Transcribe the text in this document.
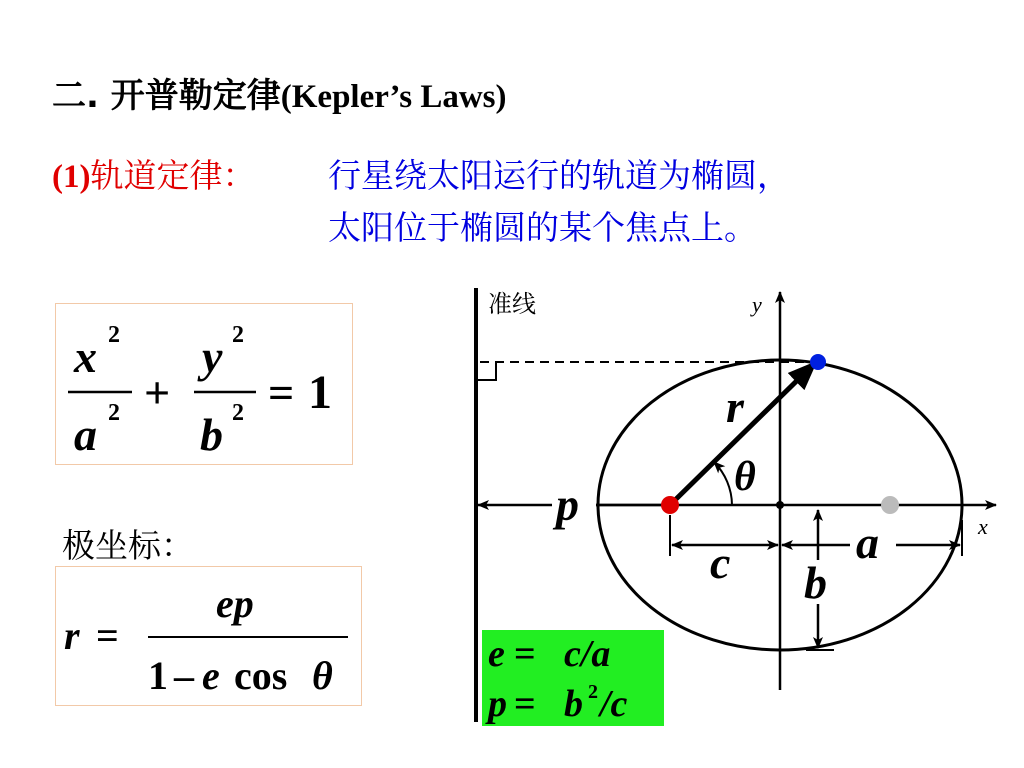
二. 开普勒定律(Kepler’s Laws)
(1)轨道定律： 行星绕太阳运行的轨道为椭圆，
太阳位于椭圆的某个焦点上。
x
a
y
b
2
2
2
2
+ = 1
极坐标：
r =
ep
1 – e cos θ
准线	y
x
p
r
θ
c	a
b
e = c/a
p = b 2 /c
